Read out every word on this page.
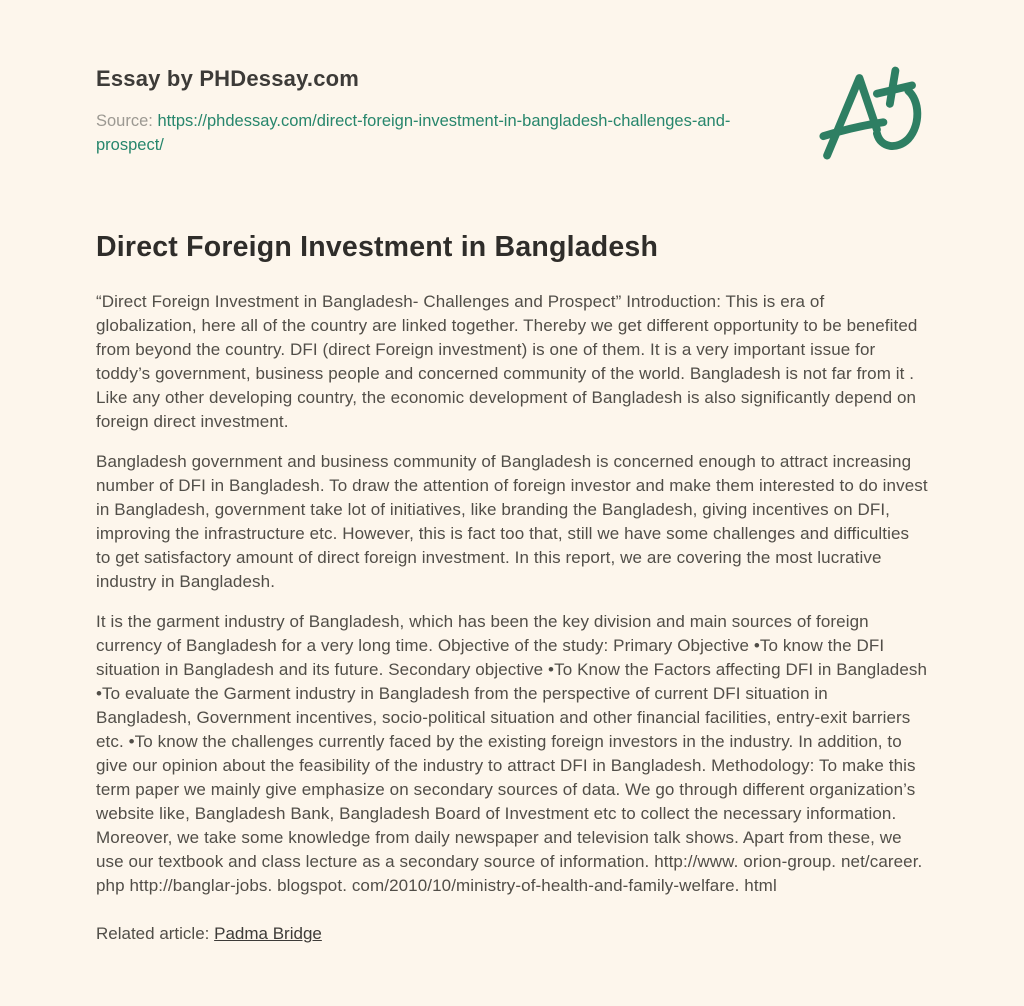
Essay by PHDessay.com
Source: https://phdessay.com/direct-foreign-investment-in-bangladesh-challenges-and-prospect/
Direct Foreign Investment in Bangladesh

“Direct Foreign Investment in Bangladesh- Challenges and Prospect” Introduction: This is era of globalization, here all of the country are linked together. Thereby we get different opportunity to be benefited from beyond the country. DFI (direct Foreign investment) is one of them. It is a very important issue for toddy’s government, business people and concerned community of the world. Bangladesh is not far from it . Like any other developing country, the economic development of Bangladesh is also significantly depend on foreign direct investment.

Bangladesh government and business community of Bangladesh is concerned enough to attract increasing number of DFI in Bangladesh. To draw the attention of foreign investor and make them interested to do invest in Bangladesh, government take lot of initiatives, like branding the Bangladesh, giving incentives on DFI, improving the infrastructure etc. However, this is fact too that, still we have some challenges and difficulties to get satisfactory amount of direct foreign investment. In this report, we are covering the most lucrative industry in Bangladesh.

It is the garment industry of Bangladesh, which has been the key division and main sources of foreign currency of Bangladesh for a very long time. Objective of the study: Primary Objective •To know the DFI situation in Bangladesh and its future. Secondary objective •To Know the Factors affecting DFI in Bangladesh •To evaluate the Garment industry in Bangladesh from the perspective of current DFI situation in Bangladesh, Government incentives, socio-political situation and other financial facilities, entry-exit barriers etc. •To know the challenges currently faced by the existing foreign investors in the industry. In addition, to give our opinion about the feasibility of the industry to attract DFI in Bangladesh. Methodology: To make this term paper we mainly give emphasize on secondary sources of data. We go through different organization’s website like, Bangladesh Bank, Bangladesh Board of Investment etc to collect the necessary information. Moreover, we take some knowledge from daily newspaper and television talk shows. Apart from these, we use our textbook and class lecture as a secondary source of information. http://www. orion-group. net/career. php http://banglar-jobs. blogspot. com/2010/10/ministry-of-health-and-family-welfare. html

Related article: Padma Bridge
